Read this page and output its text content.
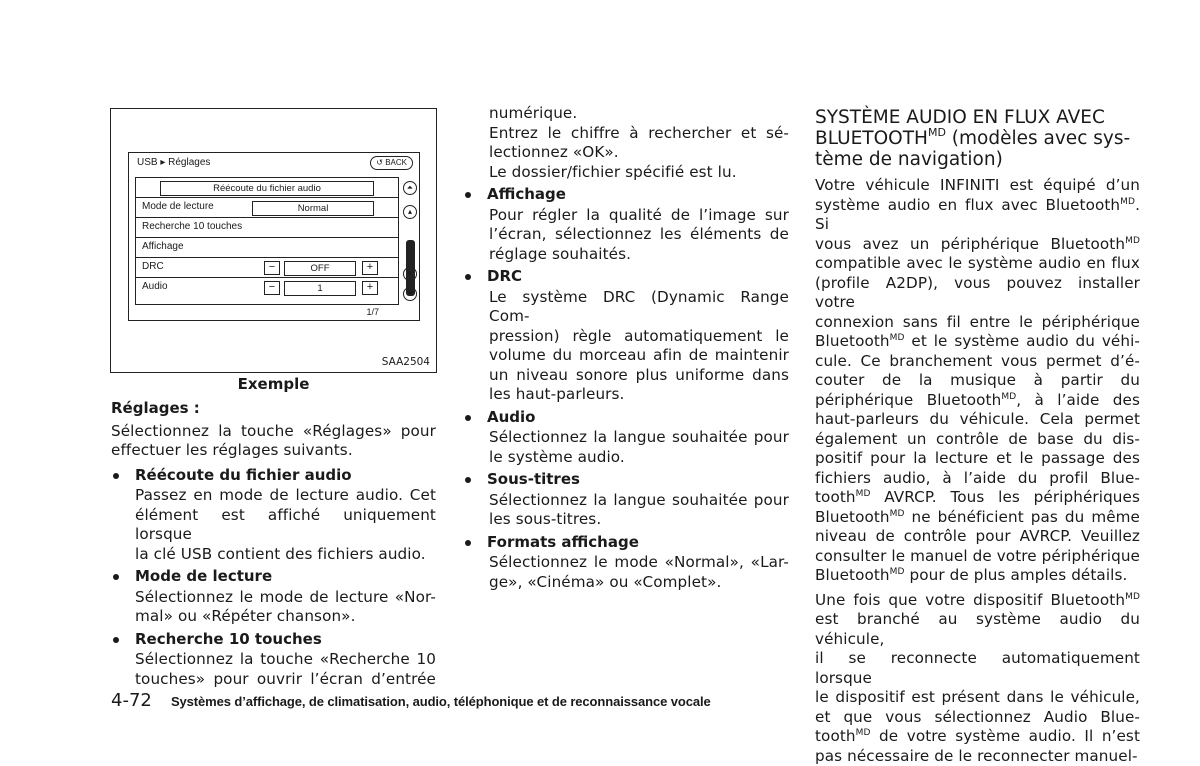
USB ▸ Réglages	↺ BACK
Réécoute du fichier audio
Mode de lecture	Normal
Recherche 10 touches
Affichage
DRC	−	OFF	+
Audio	−	1	+
⏶
▴
▾
⏷
1/7
SAA2504
Exemple
Réglages :
Sélectionnez la touche «Réglages» pour
effectuer les réglages suivants.
Réécoute du fichier audio
Passez en mode de lecture audio. Cet
élément est affiché uniquement lorsque
la clé USB contient des fichiers audio.
Mode de lecture
Sélectionnez le mode de lecture «Nor-
mal» ou «Répéter chanson».
Recherche 10 touches
Sélectionnez la touche «Recherche 10
touches» pour ouvrir l’écran d’entrée
numérique.
Entrez le chiffre à rechercher et sé-
lectionnez «OK».
Le dossier/fichier spécifié est lu.
Affichage
Pour régler la qualité de l’image sur
l’écran, sélectionnez les éléments de
réglage souhaités.
DRC
Le système DRC (Dynamic Range Com-
pression) règle automatiquement le
volume du morceau afin de maintenir
un niveau sonore plus uniforme dans
les haut-parleurs.
Audio
Sélectionnez la langue souhaitée pour
le système audio.
Sous-titres
Sélectionnez la langue souhaitée pour
les sous-titres.
Formats affichage
Sélectionnez le mode «Normal», «Lar-
ge», «Cinéma» ou «Complet».
SYSTÈME AUDIO EN FLUX AVEC
$BLUETOOTH^{MD}$ (modèles avec sys-
tème de navigation)
Votre véhicule INFINITI est équipé d’un
système audio en flux avec Bluetooth$^{MD}$. Si
vous avez un périphérique Bluetooth$^{MD}$
compatible avec le système audio en flux
(profile A2DP), vous pouvez installer votre
connexion sans fil entre le périphérique
Bluetooth$^{MD}$ et le système audio du véhi-
cule. Ce branchement vous permet d’é-
couter de la musique à partir du
périphérique Bluetooth$^{MD}$, à l’aide des
haut-parleurs du véhicule. Cela permet
également un contrôle de base du dis-
positif pour la lecture et le passage des
fichiers audio, à l’aide du profil Blue-
tooth$^{MD}$ AVRCP. Tous les périphériques
Bluetooth$^{MD}$ ne bénéficient pas du même
niveau de contrôle pour AVRCP. Veuillez
consulter le manuel de votre périphérique
Bluetooth$^{MD}$ pour de plus amples détails.
Une fois que votre dispositif Bluetooth$^{MD}$
est branché au système audio du véhicule,
il se reconnecte automatiquement lorsque
le dispositif est présent dans le véhicule,
et que vous sélectionnez Audio Blue-
tooth$^{MD}$ de votre système audio. Il n’est
pas nécessaire de le reconnecter manuel-
4-72 Systèmes d’affichage, de climatisation, audio, téléphonique et de reconnaissance vocale
